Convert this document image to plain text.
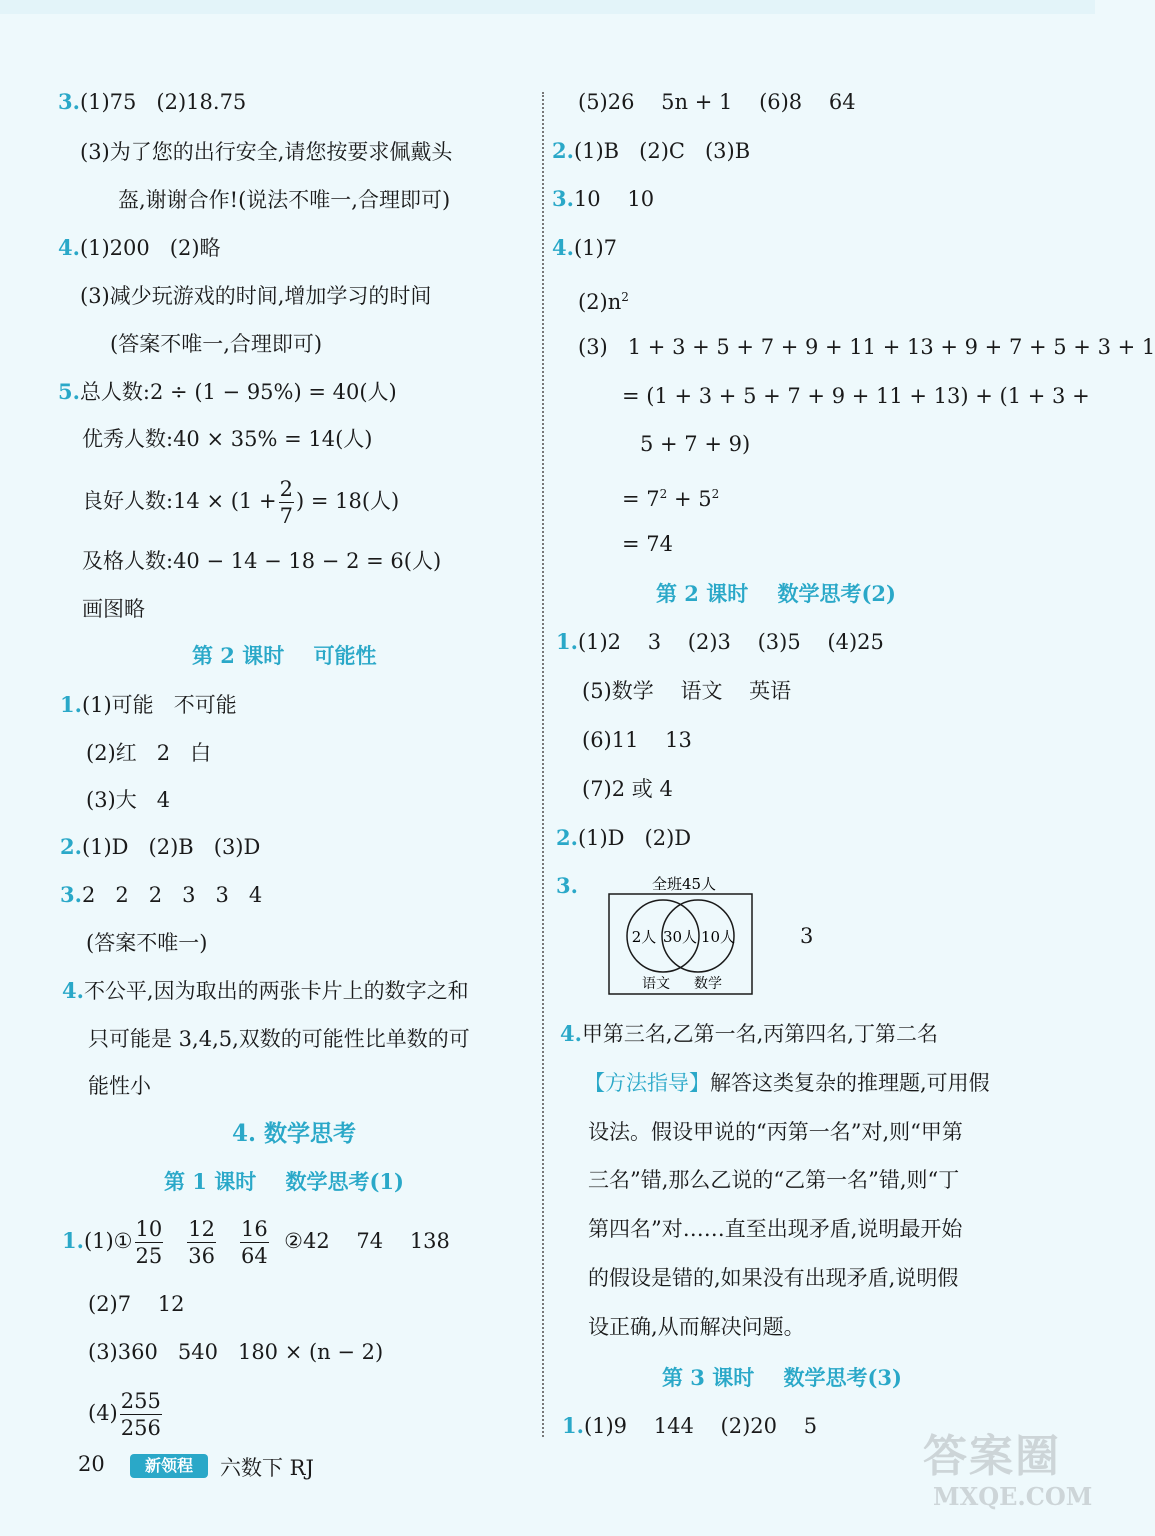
3.(1)75   (2)18.75
(3)为了您的出行安全,请您按要求佩戴头
盔,谢谢合作!(说法不唯一,合理即可)
4.(1)200   (2)略
(3)减少玩游戏的时间,增加学习的时间
(答案不唯一,合理即可)
5.总人数:2 ÷ (1 − 95%) = 40(人)
优秀人数:40 × 35% = 14(人)
良好人数:14 × ($1 + \frac{2}{7}$ ) = 18(人)
及格人数:40 − 14 − 18 − 2 = 6(人)
画图略
第 2 课时    可能性
1.(1)可能   不可能
(2)红   2   白
(3)大   4
2.(1)D   (2)B   (3)D
3.2   2   2   3   3   4
(答案不唯一)
4.不公平,因为取出的两张卡片上的数字之和
只可能是 3,4,5,双数的可能性比单数的可
能性小
4. 数学思考
第 1 课时    数学思考(1)
1.(1)① $\frac{10}{25}$
$\frac{12}{36}$
$\frac{16}{64}$ ②42    74    138
(2)7    12
(3)360   540   180 × (n − 2)
$(4) \frac{255}{256}$
(5)26    5n + 1    (6)8    64
2.(1)B   (2)C   (3)B
3.10    10
4.(1)7
$(2)n^2$
(3)   1 + 3 + 5 + 7 + 9 + 11 + 13 + 9 + 7 + 5 + 3 + 1
= (1 + 3 + 5 + 7 + 9 + 11 + 13) + (1 + 3 +
5 + 7 + 9)
= $7^2 + 5^2$
= 74
第 2 课时    数学思考(2)
1.(1)2    3    (2)3    (3)5    (4)25
(5)数学    语文    英语
(6)11    13
(7)2 或 4
2.(1)D   (2)D
3.	全班45人
2人 30人 10人
语文 数学
3
4.甲第三名,乙第一名,丙第四名,丁第二名
【方法指导】解答这类复杂的推理题,可用假
设法。假设甲说的“丙第一名”对,则“甲第
三名”错,那么乙说的“乙第一名”错,则“丁
第四名”对……直至出现矛盾,说明最开始
的假设是错的,如果没有出现矛盾,说明假
设正确,从而解决问题。
第 3 课时    数学思考(3)
1.(1)9    144    (2)20    5
20	新领程	六数下 RJ	答案圈
MXQE.COM
